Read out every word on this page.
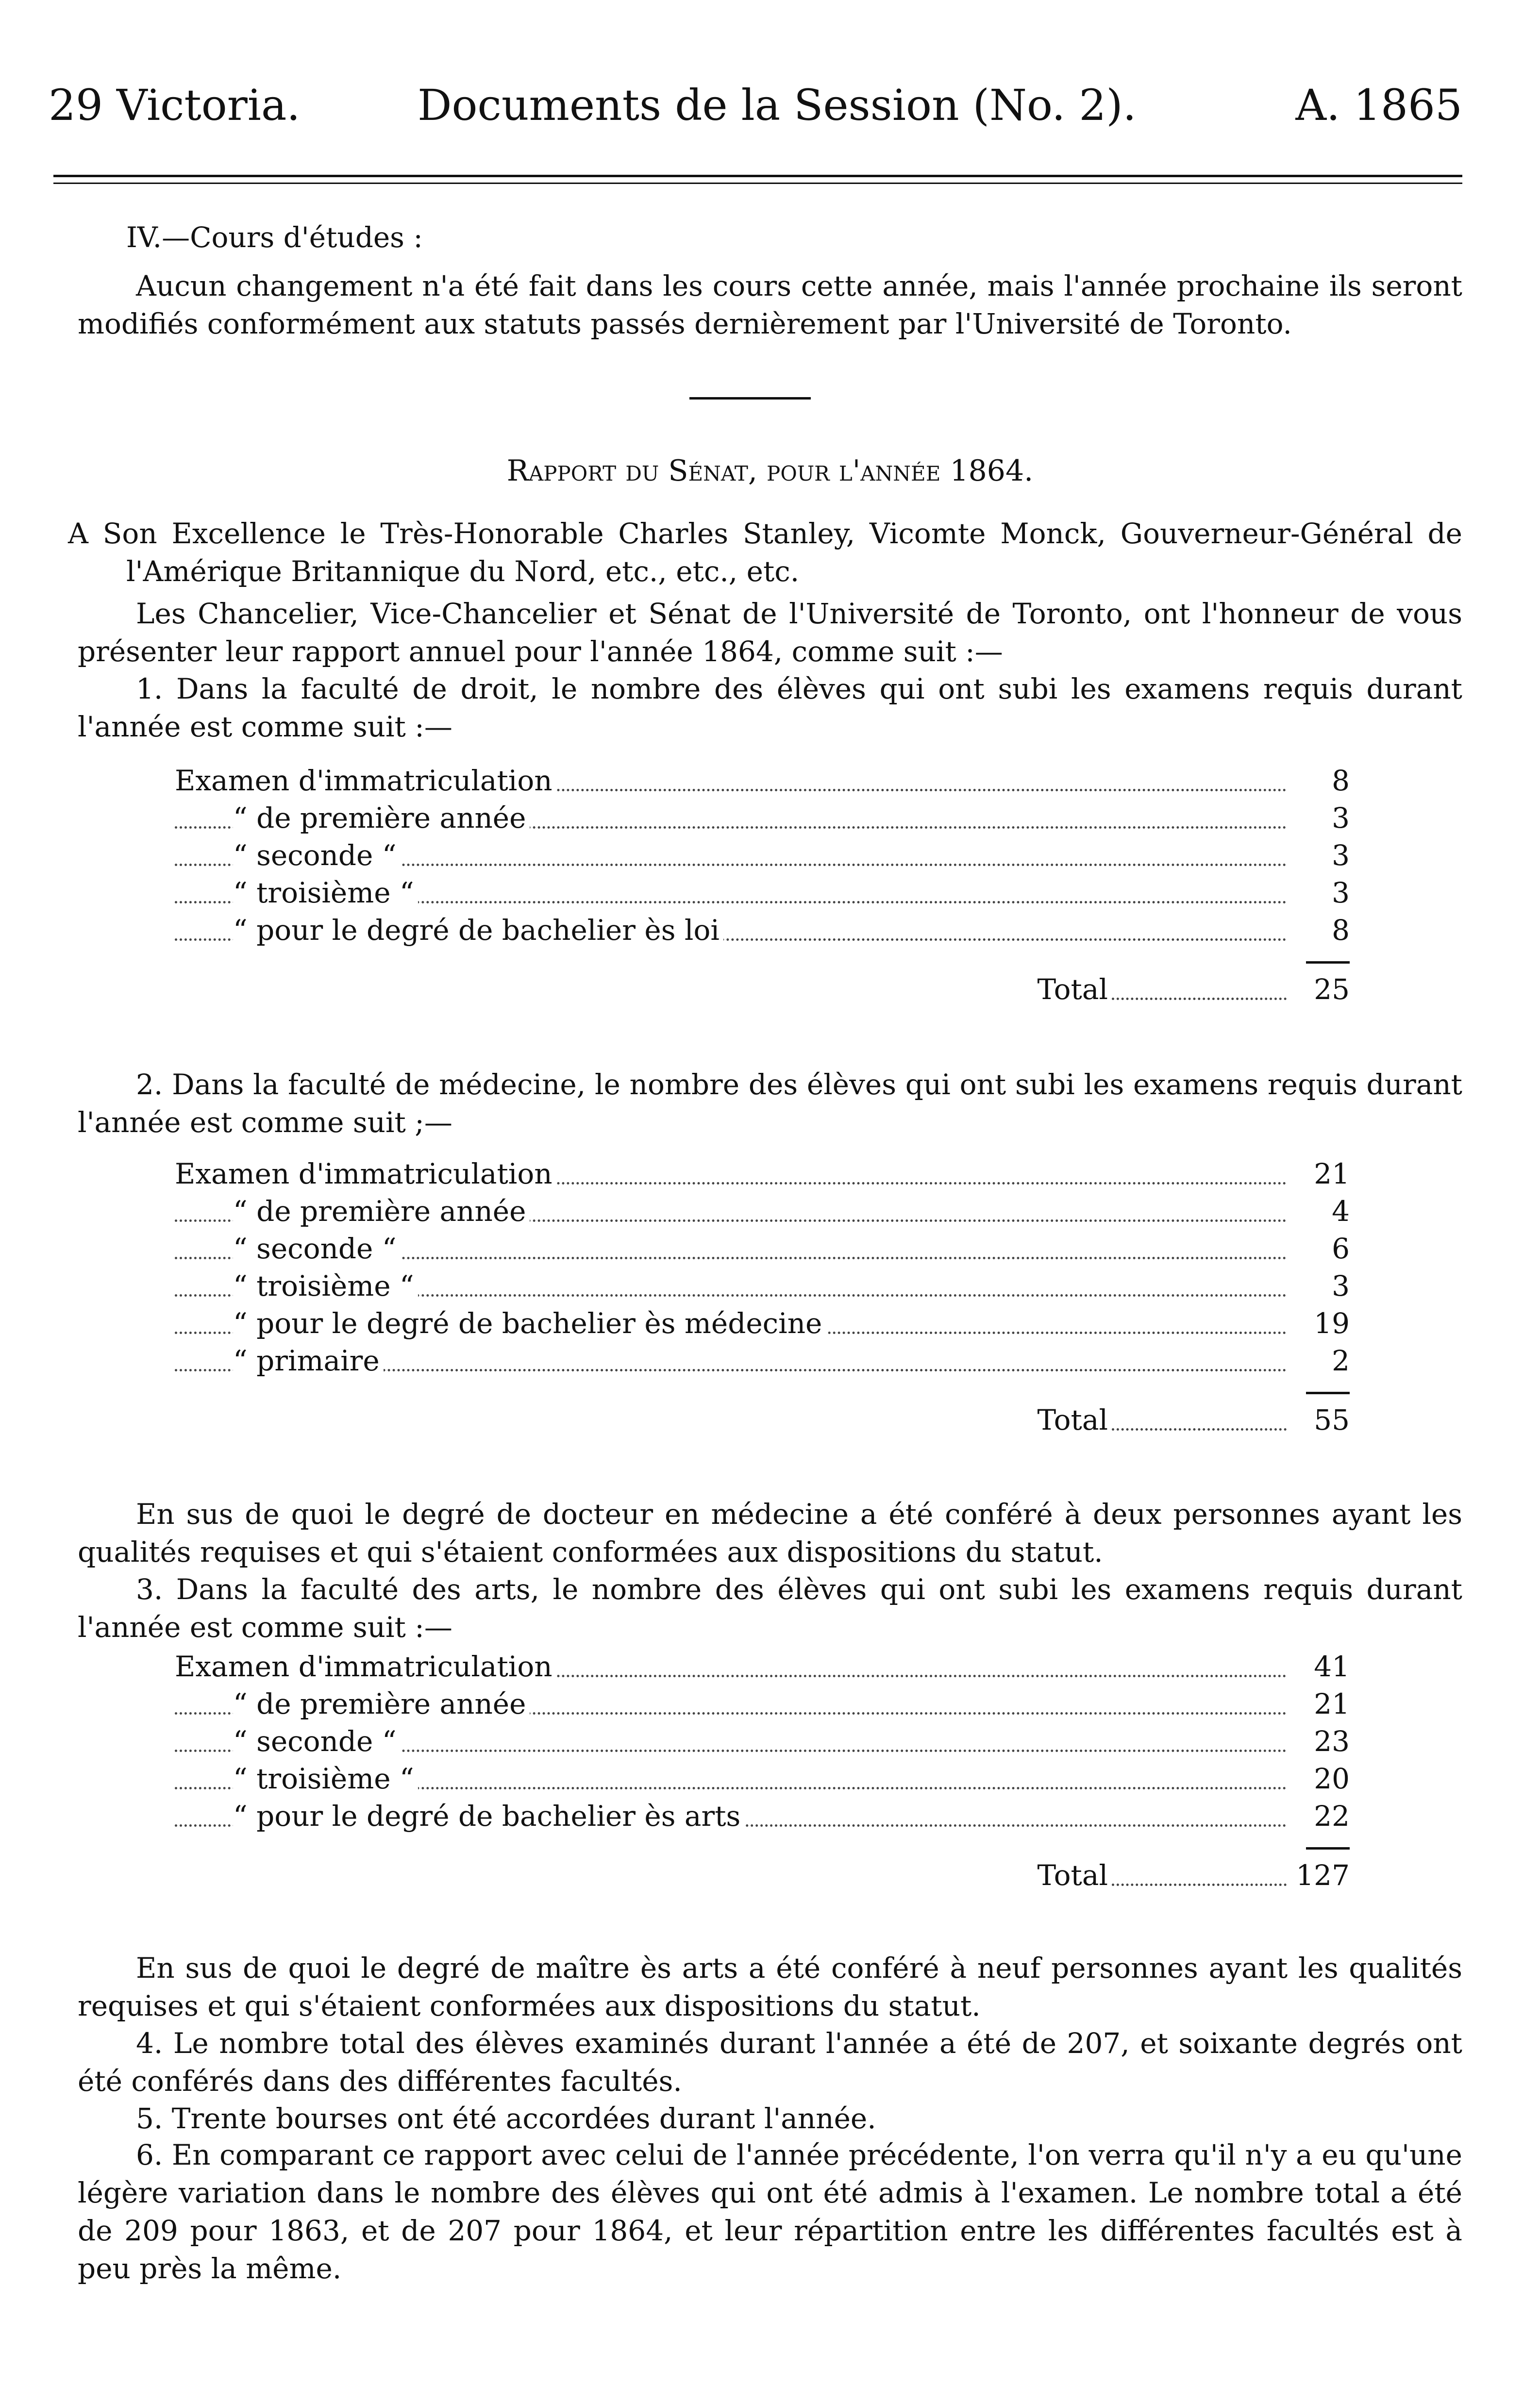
29 Victoria.	Documents de la Session (No. 2).	A. 1865
IV.—Cours d'études :
Aucun changement n'a été fait dans les cours cette année, mais l'année prochaine ils seront modifiés conformément aux statuts passés dernièrement par l'Université de Toronto.
Rapport du Sénat, pour l'année 1864.
A Son Excellence le Très-Honorable Charles Stanley, Vicomte Monck, Gouverneur-Général de l'Amérique Britannique du Nord, etc., etc., etc.
Les Chancelier, Vice-Chancelier et Sénat de l'Université de Toronto, ont l'honneur de vous présenter leur rapport annuel pour l'année 1864, comme suit :—
1. Dans la faculté de droit, le nombre des élèves qui ont subi les examens requis durant l'année est comme suit :—
Examen d'immatriculation	8
“ de première année	3
“ seconde “	3
“ troisième “	3
“ pour le degré de bachelier ès loi	8
Total	25
2. Dans la faculté de médecine, le nombre des élèves qui ont subi les examens requis durant l'année est comme suit ;—
Examen d'immatriculation	21
“ de première année	4
“ seconde “	6
“ troisième “	3
“ pour le degré de bachelier ès médecine	19
“ primaire	2
Total	55
En sus de quoi le degré de docteur en médecine a été conféré à deux personnes ayant les qualités requises et qui s'étaient conformées aux dispositions du statut.
3. Dans la faculté des arts, le nombre des élèves qui ont subi les examens requis durant l'année est comme suit :—
Examen d'immatriculation	41
“ de première année	21
“ seconde “	23
“ troisième “	20
“ pour le degré de bachelier ès arts	22
Total	127
En sus de quoi le degré de maître ès arts a été conféré à neuf personnes ayant les qualités requises et qui s'étaient conformées aux dispositions du statut.
4. Le nombre total des élèves examinés durant l'année a été de 207, et soixante degrés ont été conférés dans des différentes facultés.
5. Trente bourses ont été accordées durant l'année.
6. En comparant ce rapport avec celui de l'année précédente, l'on verra qu'il n'y a eu qu'une légère variation dans le nombre des élèves qui ont été admis à l'examen. Le nombre total a été de 209 pour 1863, et de 207 pour 1864, et leur répartition entre les différentes facultés est à peu près la même.
